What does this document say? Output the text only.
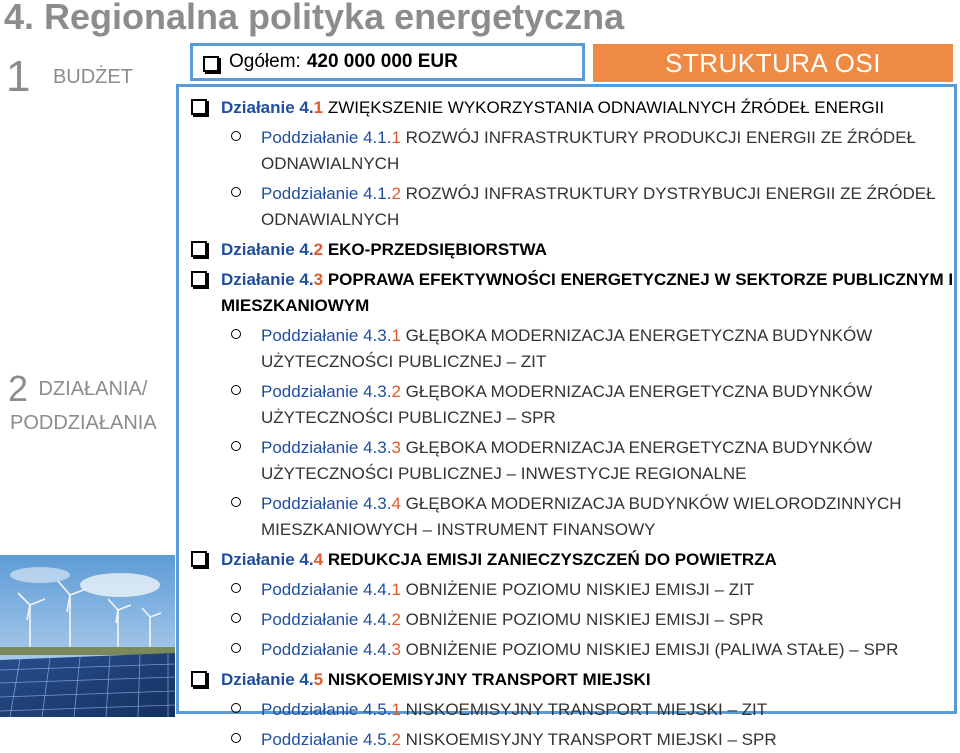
4. Regionalna polityka energetyczna
1 BUDŻET
2 DZIAŁANIA/
PODDZIAŁANIA
Ogółem: 420 000 000 EUR	STRUKTURA OSI
Działanie 4.1 ZWIĘKSZENIE WYKORZYSTANIA ODNAWIALNYCH ŹRÓDEŁ ENERGII
Poddziałanie 4.1.1 ROZWÓJ INFRASTRUKTURY PRODUKCJI ENERGII ZE ŹRÓDEŁ ODNAWIALNYCH
Poddziałanie 4.1.2 ROZWÓJ INFRASTRUKTURY DYSTRYBUCJI ENERGII ZE ŹRÓDEŁ ODNAWIALNYCH
Działanie 4.2 EKO-PRZEDSIĘBIORSTWA
Działanie 4.3 POPRAWA EFEKTYWNOŚCI ENERGETYCZNEJ W SEKTORZE PUBLICZNYM I MIESZKANIOWYM
Poddziałanie 4.3.1 GŁĘBOKA MODERNIZACJA ENERGETYCZNA BUDYNKÓW UŻYTECZNOŚCI PUBLICZNEJ – ZIT
Poddziałanie 4.3.2 GŁĘBOKA MODERNIZACJA ENERGETYCZNA BUDYNKÓW UŻYTECZNOŚCI PUBLICZNEJ – SPR
Poddziałanie 4.3.3 GŁĘBOKA MODERNIZACJA ENERGETYCZNA BUDYNKÓW UŻYTECZNOŚCI PUBLICZNEJ – INWESTYCJE REGIONALNE
Poddziałanie 4.3.4 GŁĘBOKA MODERNIZACJA BUDYNKÓW WIELORODZINNYCH MIESZKANIOWYCH – INSTRUMENT FINANSOWY
Działanie 4.4 REDUKCJA EMISJI ZANIECZYSZCZEŃ DO POWIETRZA
Poddziałanie 4.4.1 OBNIŻENIE POZIOMU NISKIEJ EMISJI – ZIT
Poddziałanie 4.4.2 OBNIŻENIE POZIOMU NISKIEJ EMISJI – SPR
Poddziałanie 4.4.3 OBNIŻENIE POZIOMU NISKIEJ EMISJI (PALIWA STAŁE) – SPR
Działanie 4.5 NISKOEMISYJNY TRANSPORT MIEJSKI
Poddziałanie 4.5.1 NISKOEMISYJNY TRANSPORT MIEJSKI – ZIT
Poddziałanie 4.5.2 NISKOEMISYJNY TRANSPORT MIEJSKI – SPR
